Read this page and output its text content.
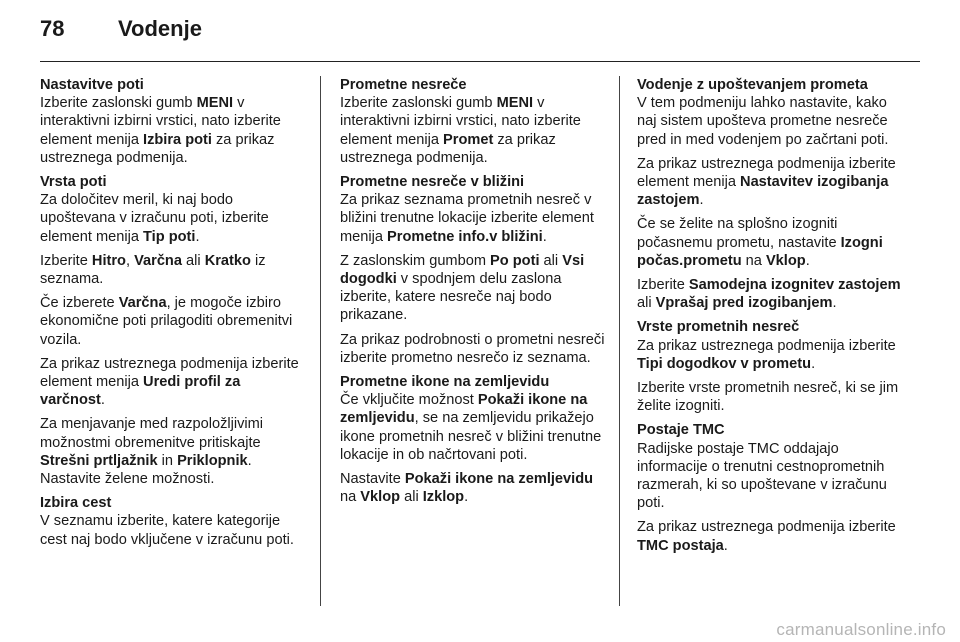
78	Vodenje
Nastavitve poti

Izberite zaslonski gumb MENI v interaktivni izbirni vrstici, nato izberite element menija Izbira poti za prikaz ustreznega podmenija.

Vrsta poti

Za določitev meril, ki naj bodo upoštevana v izračunu poti, izberite element menija Tip poti.

Izberite Hitro, Varčna ali Kratko iz seznama.

Če izberete Varčna, je mogoče izbiro ekonomične poti prilagoditi obremenitvi vozila.

Za prikaz ustreznega podmenija izberite element menija Uredi profil za varčnost.

Za menjavanje med razpoložljivimi možnostmi obremenitve pritiskajte Strešni prtljažnik in Priklopnik. Nastavite želene možnosti.

Izbira cest

V seznamu izberite, katere kategorije cest naj bodo vključene v izračunu poti.

Prometne nesreče

Izberite zaslonski gumb MENI v interaktivni izbirni vrstici, nato izberite element menija Promet za prikaz ustreznega podmenija.

Prometne nesreče v bližini

Za prikaz seznama prometnih nesreč v bližini trenutne lokacije izberite element menija Prometne info.v bližini.

Z zaslonskim gumbom Po poti ali Vsi dogodki v spodnjem delu zaslona izberite, katere nesreče naj bodo prikazane.

Za prikaz podrobnosti o prometni nesreči izberite prometno nesrečo iz seznama.

Prometne ikone na zemljevidu

Če vključite možnost Pokaži ikone na zemljevidu, se na zemljevidu prikažejo ikone prometnih nesreč v bližini trenutne lokacije in ob načrtovani poti.

Nastavite Pokaži ikone na zemljevidu na Vklop ali Izklop.

Vodenje z upoštevanjem prometa

V tem podmeniju lahko nastavite, kako naj sistem upošteva prometne nesreče pred in med vodenjem po začrtani poti.

Za prikaz ustreznega podmenija izberite element menija Nastavitev izogibanja zastojem.

Če se želite na splošno izogniti počasnemu prometu, nastavite Izogni počas.prometu na Vklop.

Izberite Samodejna izognitev zastojem ali Vprašaj pred izogibanjem.

Vrste prometnih nesreč

Za prikaz ustreznega podmenija izberite Tipi dogodkov v prometu.

Izberite vrste prometnih nesreč, ki se jim želite izogniti.

Postaje TMC

Radijske postaje TMC oddajajo informacije o trenutni cestnoprometnih razmerah, ki so upoštevane v izračunu poti.

Za prikaz ustreznega podmenija izberite TMC postaja.

carmanualsonline.info
